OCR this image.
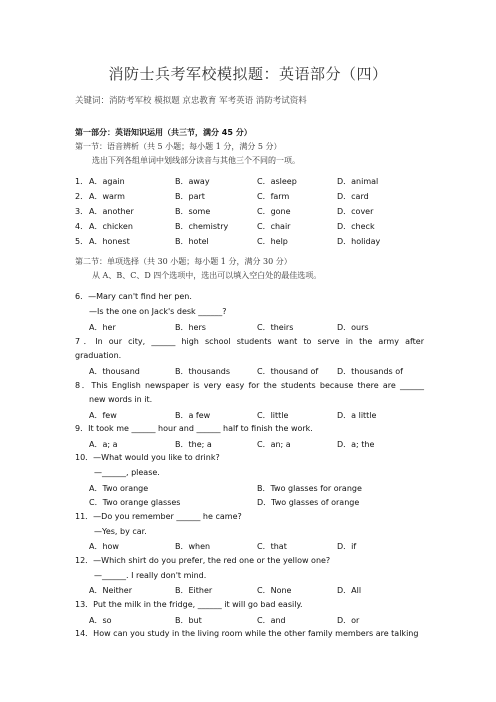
消防士兵考军校模拟题：英语部分（四）
关键词：消防考军校 模拟题 京忠教育 军考英语 消防考试资料
第一部分：英语知识运用（共三节，满分 45 分）
第一节：语音辨析（共 5 小题；每小题 1 分，满分 5 分）
选出下列各组单词中划线部分读音与其他三个不同的一项。
1． A．again	B．away	C．asleep	D．animal
2． A．warm	B．part	C．farm	D．card
3． A．another	B．some	C．gone	D．cover
4． A．chicken	B．chemistry	C．chair	D．check
5． A．honest	B．hotel	C．help	D．holiday
第二节：单项选择（共 30 小题；每小题 1 分，满分 30 分）
从 A、B、C、D 四个选项中，选出可以填入空白处的最佳选项。
6．—Mary can't find her pen.
—Is the one on Jack's desk ______?
A．her	B．hers	C．theirs	D．ours
7．In our city, ______ high school students want to serve in the army after
graduation.
A．thousand	B．thousands	C．thousand of D．thousands of
8．This English newspaper is very easy for the students because there are ______
new words in it.
A．few	B．a few	C．little	D．a little
9．It took me ______ hour and ______ half to finish the work.
A．a; a	B．the; a	C．an; a	D．a; the
10．—What would you like to drink?
—______, please.
A．Two orange	B．Two glasses for orange
C．Two orange glasses	D．Two glasses of orange
11．—Do you remember ______ he came?
—Yes, by car.
A．how	B．when	C．that	D．if
12．—Which shirt do you prefer, the red one or the yellow one?
—______. I really don't mind.
A．Neither	B．Either	C．None	D．All
13．Put the milk in the fridge, ______ it will go bad easily.
A．so	B．but	C．and	D．or
14．How can you study in the living room while the other family members are talking
